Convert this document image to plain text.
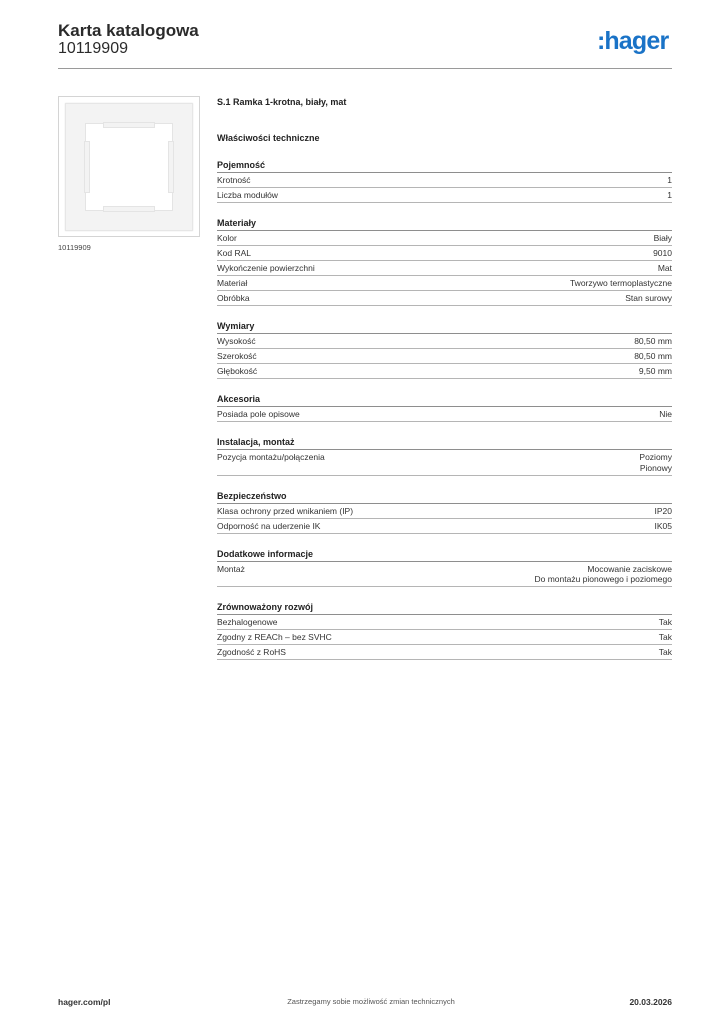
Karta katalogowa
10119909	:hager
10119909
S.1 Ramka 1-krotna, biały, mat
Właściwości techniczne
Pojemność
Krotność	1
Liczba modułów	1
Materiały
Kolor	Biały
Kod RAL	9010
Wykończenie powierzchni	Mat
Materiał	Tworzywo termoplastyczne
Obróbka	Stan surowy
Wymiary
Wysokość	80,50 mm
Szerokość	80,50 mm
Głębokość	9,50 mm
Akcesoria
Posiada pole opisowe	Nie
Instalacja, montaż
Pozycja montażu/połączenia	Poziomy
Pionowy
Bezpieczeństwo
Klasa ochrony przed wnikaniem (IP)	IP20
Odporność na uderzenie IK	IK05
Dodatkowe informacje
Montaż	Mocowanie zaciskowe
Do montażu pionowego i poziomego
Zrównoważony rozwój
Bezhalogenowe	Tak
Zgodny z REACh – bez SVHC	Tak
Zgodność z RoHS	Tak
hager.com/pl	Zastrzegamy sobie możliwość zmian technicznych	20.03.2026
